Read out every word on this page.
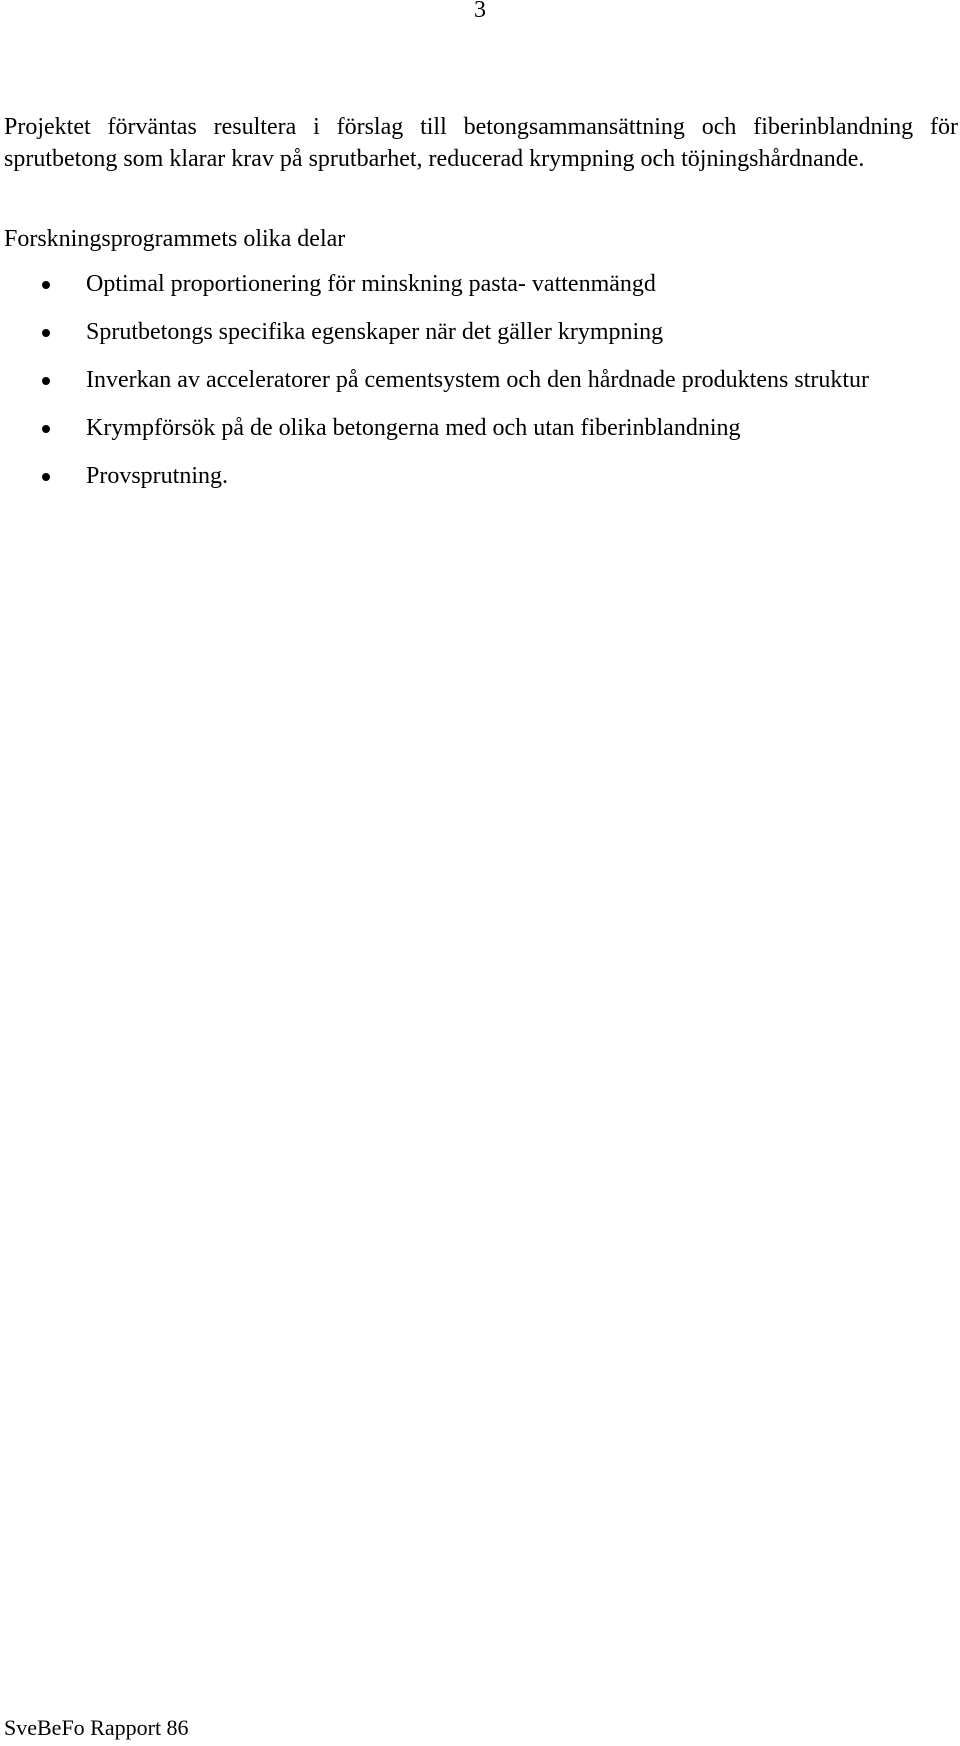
3

Projektet förväntas resultera i förslag till betongsammansättning och fiberinblandning för sprutbetong som klarar krav på sprutbarhet, reducerad krympning och töjningshårdnande.

Forskningsprogrammets olika delar
Optimal proportionering för minskning pasta- vattenmängd
Sprutbetongs specifika egenskaper när det gäller krympning
Inverkan av acceleratorer på cementsystem och den hårdnade produktens struktur
Krympförsök på de olika betongerna med och utan fiberinblandning
Provsprutning.

SveBeFo Rapport 86
